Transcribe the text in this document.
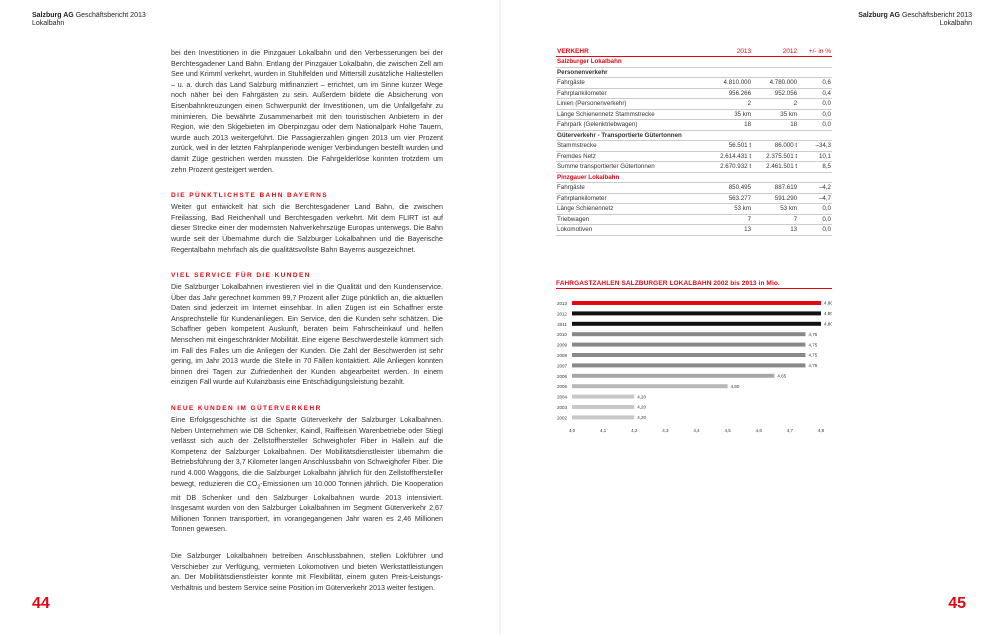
Salzburg AG Geschäftsbericht 2013
Lokalbahn
Salzburg AG Geschäftsbericht 2013
Lokalbahn

bei den Investitionen in die Pinzgauer Lokalbahn und den Verbesserungen bei der Berchtesgadener Land Bahn. Entlang der Pinzgauer Lokalbahn, die zwischen Zell am See und Krimml verkehrt, wurden in Stuhlfelden und Mittersill zusätzliche Haltestellen – u. a. durch das Land Salzburg mitfinanziert – errichtet, um im Sinne kurzer Wege noch näher bei den Fahrgästen zu sein. Außerdem bildete die Absicherung von Eisenbahnkreuzungen einen Schwerpunkt der Investitionen, um die Unfallgefahr zu minimieren. Die bewährte Zusammenarbeit mit den touristischen Anbietern in der Region, wie den Skigebieten im Oberpinzgau oder dem Nationalpark Hohe Tauern, wurde auch 2013 weitergeführt. Die Passagierzahlen gingen 2013 um vier Prozent zurück, weil in der letzten Fahrplanperiode weniger Verbindungen bestellt wurden und damit Züge gestrichen werden mussten. Die Fahrgelderlöse konnten trotzdem um zehn Prozent gesteigert werden.

DIE PÜNKTLICHSTE BAHN BAYERNS

Weiter gut entwickelt hat sich die Berchtesgadener Land Bahn, die zwischen Freilassing, Bad Reichenhall und Berchtesgaden verkehrt. Mit dem FLIRT ist auf dieser Strecke einer der modernsten Nahverkehrszüge Europas unterwegs. Die Bahn wurde seit der Übernahme durch die Salzburger Lokalbahnen und die Bayerische Regentalbahn mehrfach als die qualitätsvollste Bahn Bayerns ausgezeichnet.

VIEL SERVICE FÜR DIE KUNDEN

Die Salzburger Lokalbahnen investieren viel in die Qualität und den Kundenservice. Über das Jahr gerechnet kommen 99,7 Prozent aller Züge pünktlich an, die aktuellen Daten sind jederzeit im Internet einsehbar. In allen Zügen ist ein Schaffner erste Ansprechstelle für Kundenanliegen. Ein Service, den die Kunden sehr schätzen. Die Schaffner geben kompetent Auskunft, beraten beim Fahrscheinkauf und helfen Menschen mit eingeschränkter Mobilität. Eine eigene Beschwerdestelle kümmert sich im Fall des Falles um die Anliegen der Kunden. Die Zahl der Beschwerden ist sehr gering, im Jahr 2013 wurde die Stelle in 70 Fällen kontaktiert. Alle Anliegen konnten binnen drei Tagen zur Zufriedenheit der Kunden abgearbeitet werden. In einem einzigen Fall wurde auf Kulanzbasis eine Entschädigungsleistung bezahlt.

NEUE KUNDEN IM GÜTERVERKEHR

Eine Erfolgsgeschichte ist die Sparte Güterverkehr der Salzburger Lokalbahnen. Neben Unternehmen wie DB Schenker, Kaindl, Raiffeisen Warenbetriebe oder Stiegl verlässt sich auch der Zellstoffhersteller Schweighofer Fiber in Hallein auf die Kompetenz der Salzburger Lokalbahnen. Der Mobilitätsdienstleister übernahm die Betriebsführung der 3,7 Kilometer langen Anschlussbahn von Schweighofer Fiber. Die rund 4.000 Waggons, die die Salzburger Lokalbahn jährlich für den Zellstoffhersteller bewegt, reduzieren die $CO_2$-Emissionen um 10.000 Tonnen jährlich. Die Kooperation mit DB Schenker und den Salzburger Lokalbahnen wurde 2013 intensiviert. Insgesamt wurden von den Salzburger Lokalbahnen im Segment Güterverkehr 2,67 Millionen Tonnen transportiert, im vorangegangenen Jahr waren es 2,46 Millionen Tonnen gewesen.

Die Salzburger Lokalbahnen betreiben Anschlussbahnen, stellen Lokführer und Verschieber zur Verfügung, vermieten Lokomotiven und bieten Werkstattleistungen an. Der Mobilitätsdienstleister konnte mit Flexibilität, einem guten Preis-Leistungs-Verhältnis und bestem Service seine Position im Güterverkehr 2013 weiter festigen.

VERKEHR	2013	2012	+/- in %
Salzburger Lokalbahn			
Personenverkehr			
Fahrgäste	4.810.000	4.780.000	0,6
Fahrplankilometer	956.266	952.056	0,4
Linien (Personenverkehr)	2	2	0,0
Länge Schienennetz Stammstrecke	35 km	35 km	0,0
Fahrpark (Gelenktriebwagen)	18	18	0,0
Güterverkehr - Transportierte Gütertonnen			
Stammstrecke	56.501 t	86.000 t	–34,3
Fremdes Netz	2.614.431 t	2.375.501 t	10,1
Summe transportierter Gütertonnen	2.670.932 t	2.461.501 t	8,5
Pinzgauer Lokalbahn			
Fahrgäste	850.495	887.619	–4,2
Fahrplankilometer	563.277	591.290	–4,7
Länge Schienennetz	53 km	53 km	0,0
Triebwagen	7	7	0,0
Lokomotiven	13	13	0,0
FAHRGASTZAHLEN SALZBURGER LOKALBAHN 2002 bis 2013 in Mio.
2013	4,80
2012	4,80
2011	4,80
2010	4,75
2009	4,75
2008	4,75
2007	4,75
2006	4,65
2005	4,50
2004	4,20
2003	4,20
2002	4,20
4,0	4,1	4,2	4,3	4,4	4,5	4,6	4,7	4,8
44	45
